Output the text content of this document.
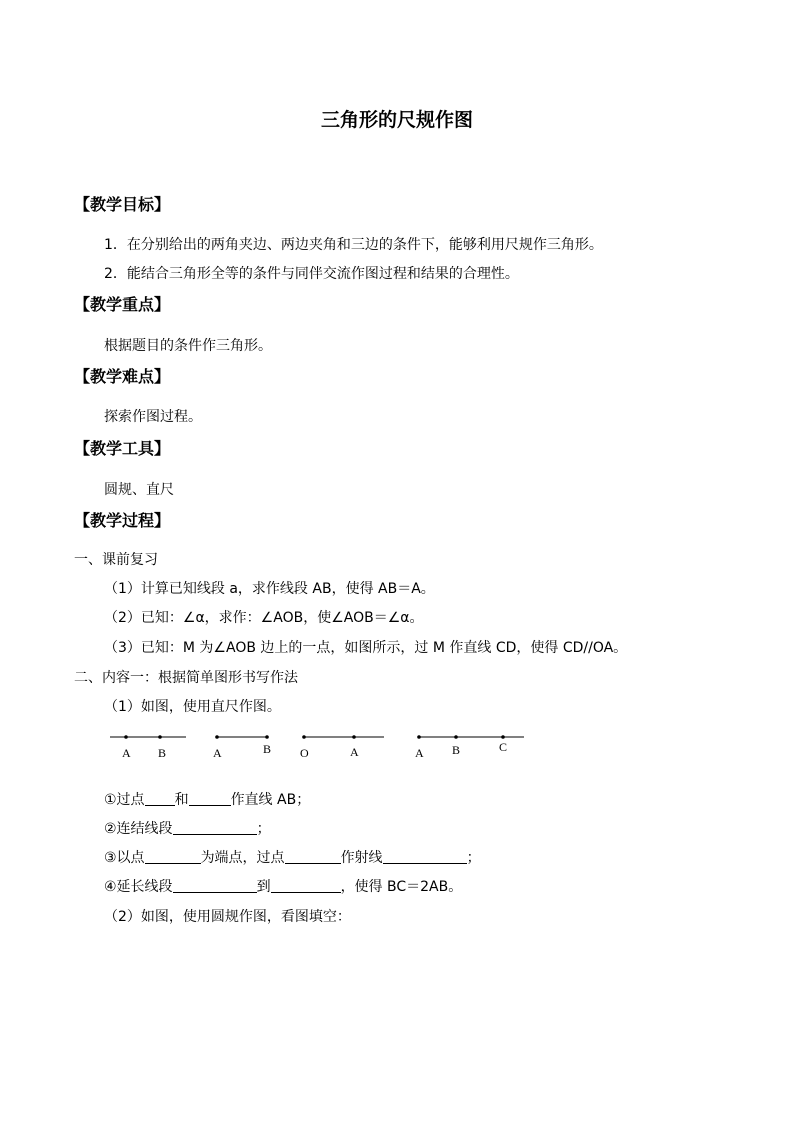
三角形的尺规作图
【教学目标】
1．在分别给出的两角夹边、两边夹角和三边的条件下，能够利用尺规作三角形。
2．能结合三角形全等的条件与同伴交流作图过程和结果的合理性。
【教学重点】
根据题目的条件作三角形。
【教学难点】
探索作图过程。
【教学工具】
圆规、直尺
【教学过程】
一、课前复习
（1）计算已知线段 a，求作线段 AB，使得 AB＝A。
（2）已知：∠α，求作：∠AOB，使∠AOB＝∠α。
（3）已知：M 为∠AOB 边上的一点，如图所示，过 M 作直线 CD，使得 CD//OA。
二、内容一：根据简单图形书写作法
（1）如图，使用直尺作图。
A B	A	B O	A	A B	C
①过点 和	作直线 AB；
②连结线段	；
③以点	为端点，过点	作射线	；
④延长线段	到	，使得 BC＝2AB。
（2）如图，使用圆规作图，看图填空：
